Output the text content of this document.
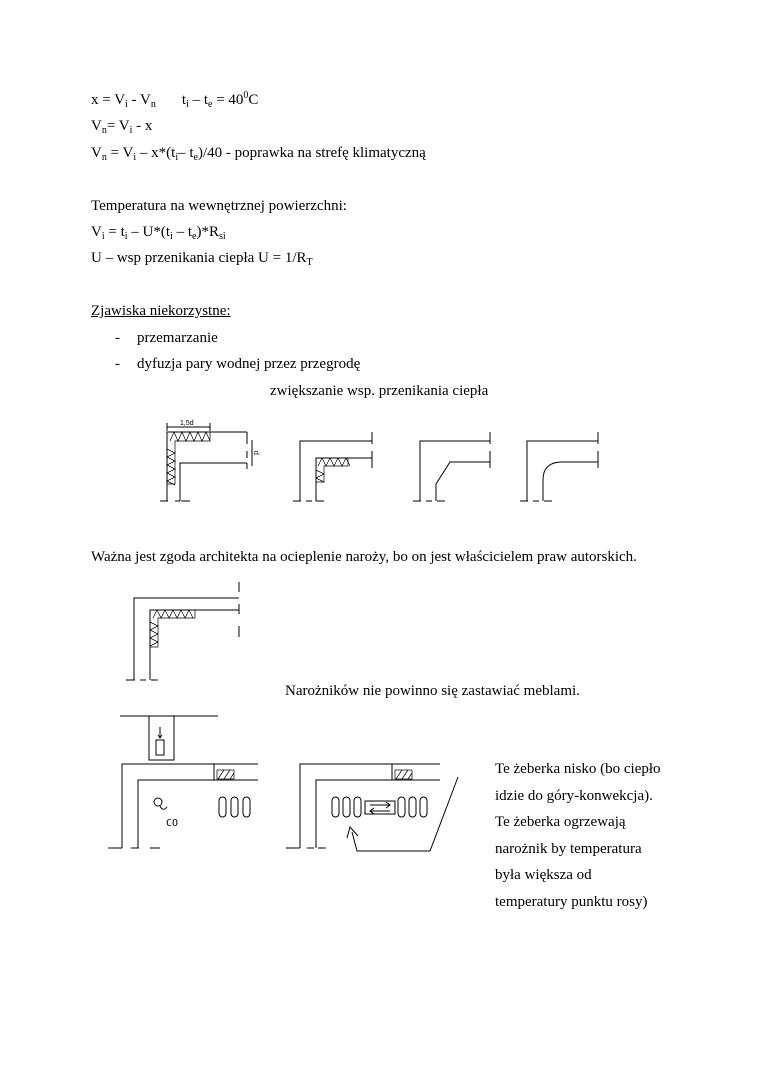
$x = V_i - V_n$ $t_i - t_e = 40^0C$
$V_n= V_i - x$
$V_n = V_i - x*(t_i-$ $t_e)/40$ - poprawka na strefę klimatyczną
Temperatura na wewnętrznej powierzchni:
$V_i = t_i - U*(t_i - t_e)*R_{si}$
U – wsp przenikania ciepła $U = 1/R_T$
Zjawiska niekorzystne:
- przemarzanie
- dyfuzja pary wodnej przez przegrodę
zwiększanie wsp. przenikania ciepła
1,5d
d
CO
Ważna jest zgoda architekta na ocieplenie naroży, bo on jest właścicielem praw autorskich.
Narożników nie powinno się zastawiać meblami.
Te żeberka nisko (bo ciepło
idzie do góry-konwekcja).
Te żeberka ogrzewają
narożnik by temperatura
była większa od
temperatury punktu rosy)
